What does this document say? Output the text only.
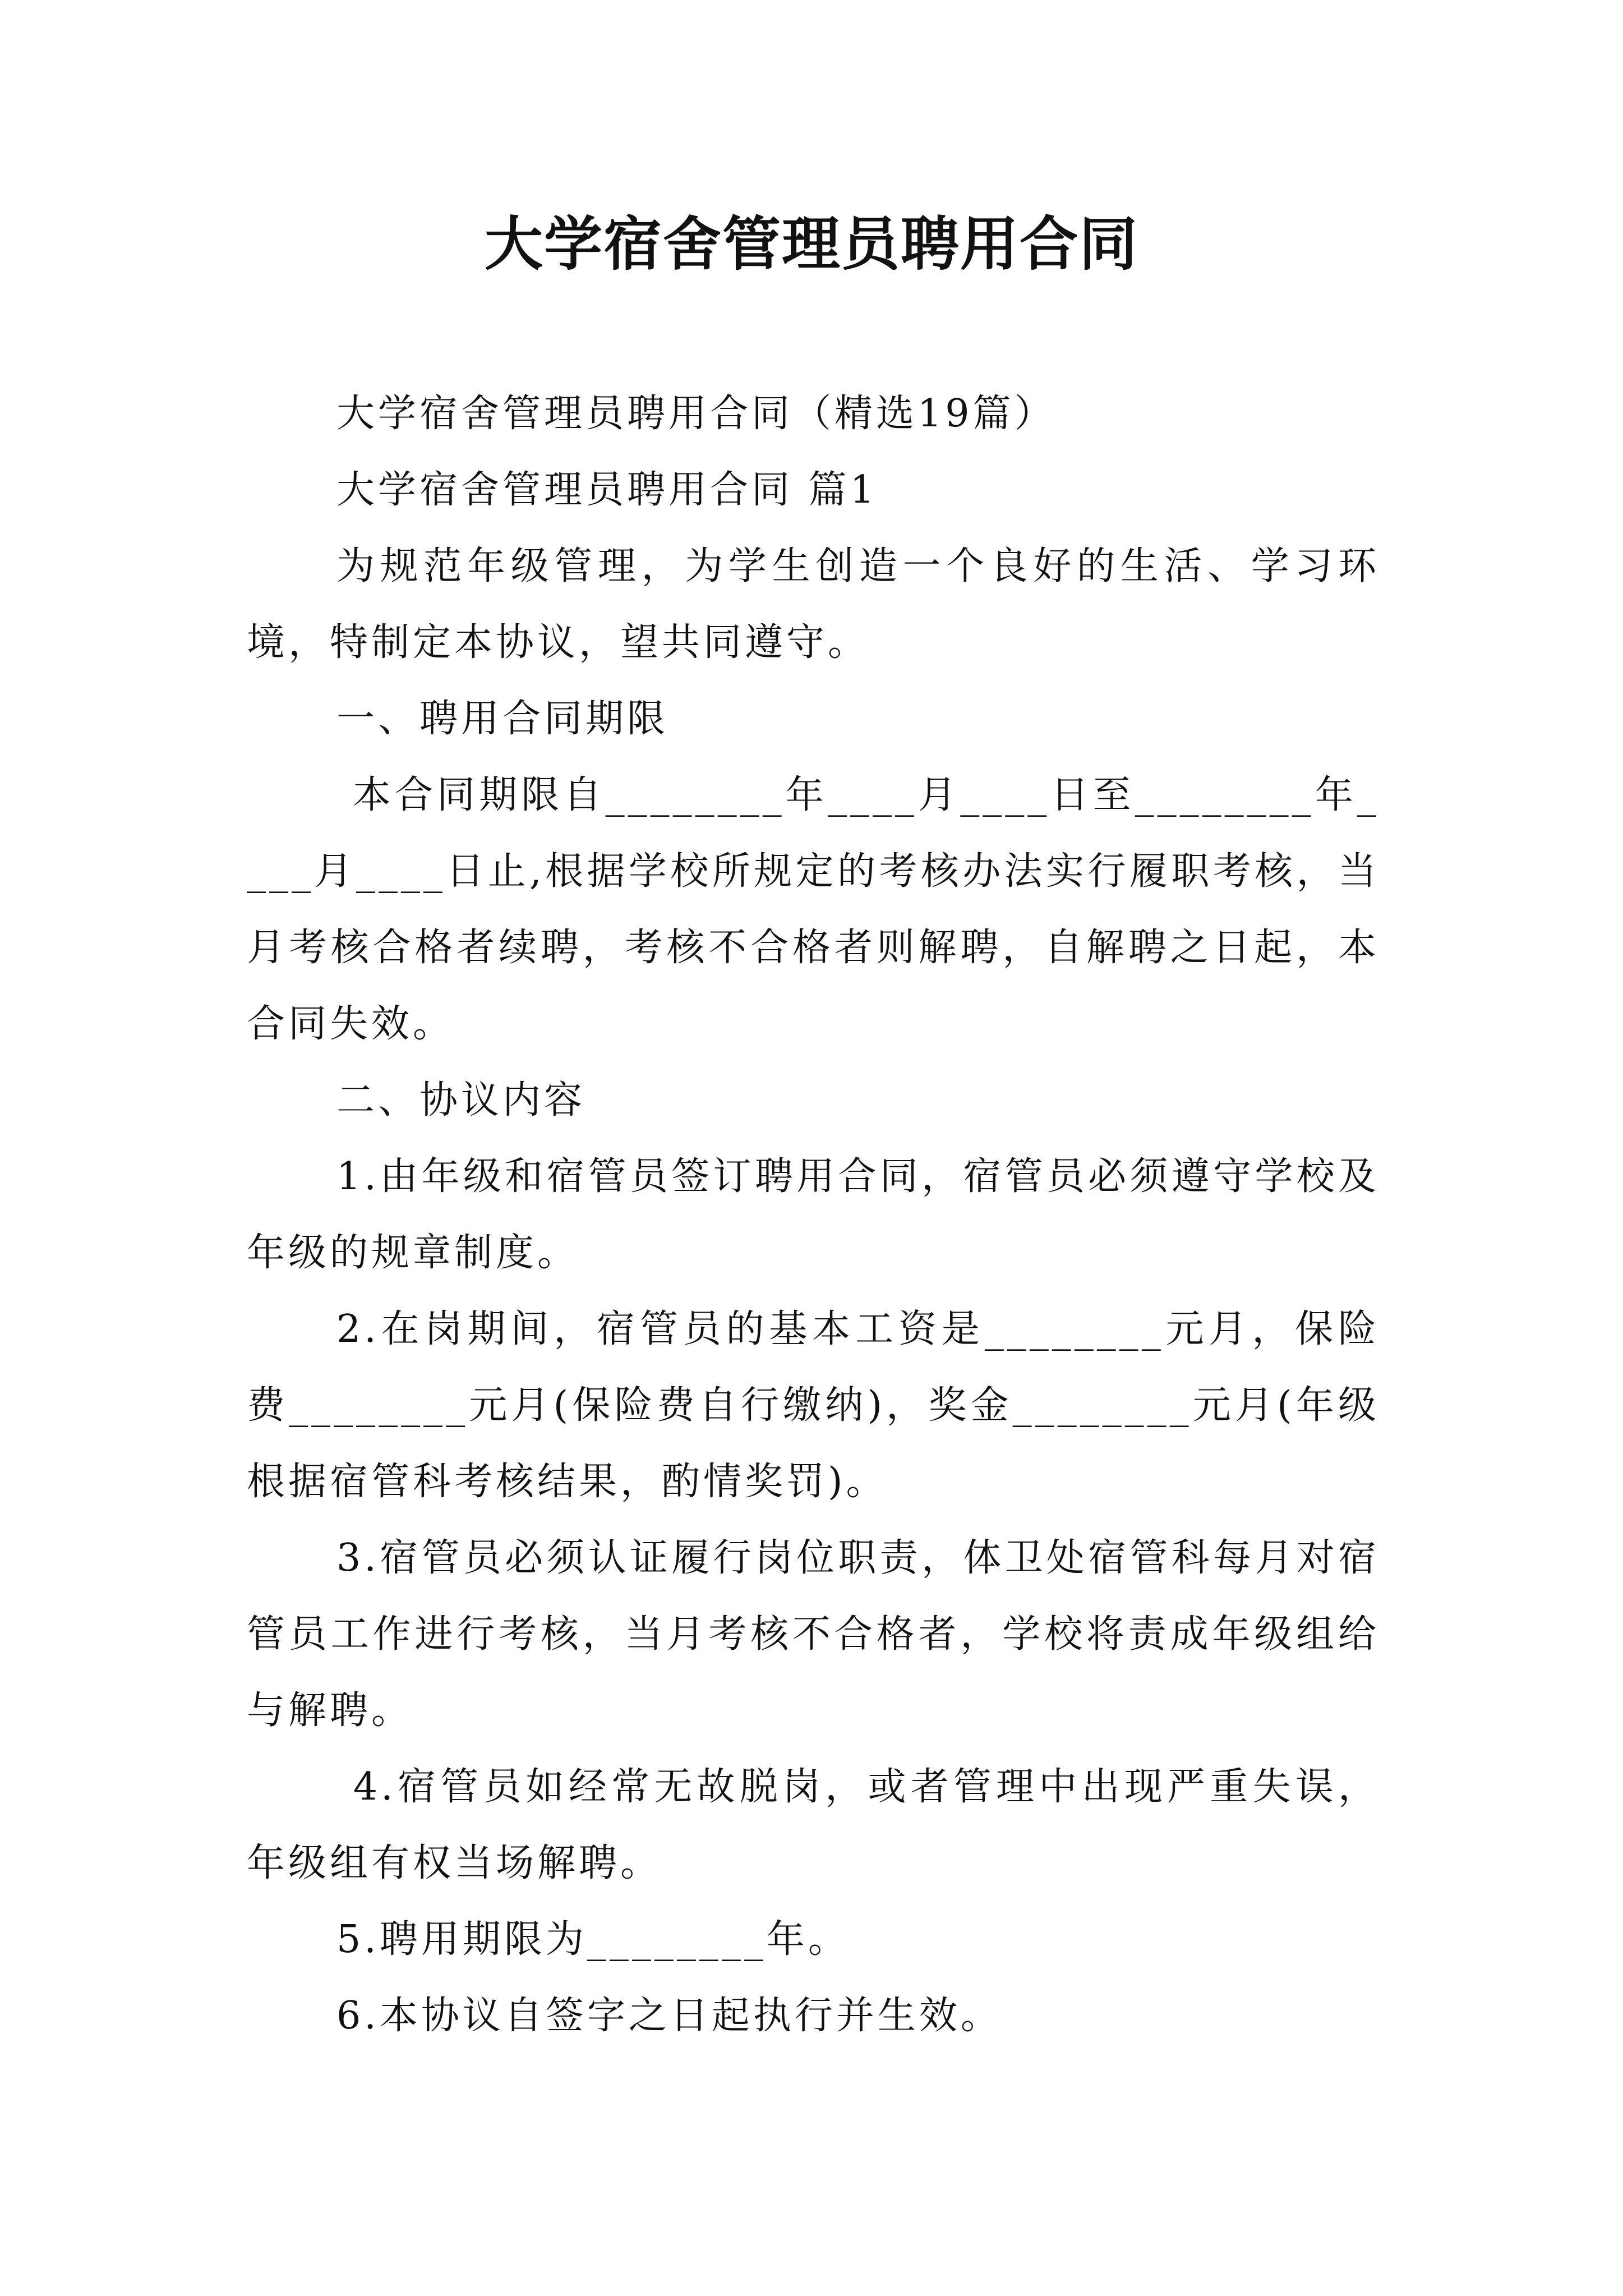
大学宿舍管理员聘用合同

大学宿舍管理员聘用合同（精选19篇）

大学宿舍管理员聘用合同 篇1

为规范年级管理，为学生创造一个良好的生活、学习环境，特制定本协议，望共同遵守。

一、聘用合同期限

本合同期限自________年____月____日至________年____月____日止,根据学校所规定的考核办法实行履职考核，当月考核合格者续聘，考核不合格者则解聘，自解聘之日起，本合同失效。

二、协议内容

1.由年级和宿管员签订聘用合同，宿管员必须遵守学校及年级的规章制度。

2.在岗期间，宿管员的基本工资是________元月，保险费________元月(保险费自行缴纳)，奖金________元月(年级根据宿管科考核结果，酌情奖罚)。

3.宿管员必须认证履行岗位职责，体卫处宿管科每月对宿管员工作进行考核，当月考核不合格者，学校将责成年级组给与解聘。

4.宿管员如经常无故脱岗，或者管理中出现严重失误，年级组有权当场解聘。

5.聘用期限为________年。

6.本协议自签字之日起执行并生效。
